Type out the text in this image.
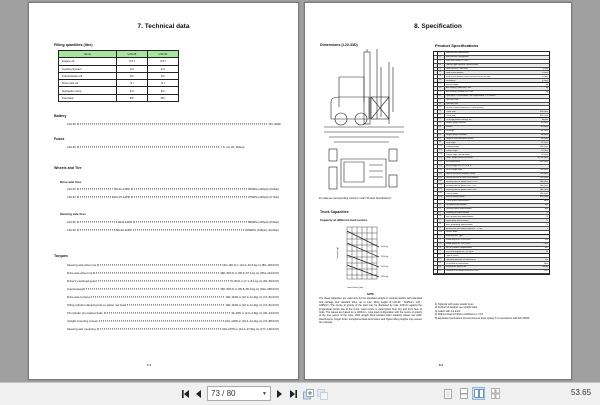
7. Technical data
Filling quantities (liter)
Items	L20-25	L30-33
Engine oil	6.5 l	6.5 l
Cooling System	11 l	11 l
Transmission oil	10 l	10 l
Drive axle oil	8 l	8 l
Hydraulic sump	41 l	41 l
Fuel tank	45 l	50 l
Battery
L20-33	12V, 80Ah
Fuses
L20-33	5, 7.5, 10, 20, 30Amp
Wheels and Tire
Drive axle tires
L20-25	7.00x12-14PR	900kPa (130psi) (9.0bar)
L30-33	28x9-15-14PR	970kPa (140psi) (9.7bar)
Steering axle tires
L20-25	6.00x9-10PR	860kPa (125psi) (8.6bar)
L30-33	6.50x10-12PR	1000kPa (145psi) (10.0bar)
Torques
Steering axle wheel nut	120~160 N.m (12.2~16.3 kg.m) (89~118 lbf·ft)
Drive axle wheel nut	480~560 N.m (48.9~57.1 kg.m) (354~413 lbf·ft)
Driver's overhead guard	70~80 N.m (7.1~8.1 kg.m) (52~59 lbf·ft)
Counterweight	450~500 N.m (45.8~50.9 kg.m) (332~368 lbf·ft)
Drive axle to frame	100~110N.m (10.2~11.2kg.m) (74~81 lbf·ft)
Tilting cylinder clamping bolt on piston rod head	100~110N.m (10.2~11.2kg.m) (74~81 lbf·ft)
Tilt cylinder pin retainer bolts	40~45N.m (4.0~4.6kg.m) (30~33 lbf·ft)
Upright mounting screws	100~120N.m (10.2~12.2kg.m) (74~88 lbf·ft)
Steering axle mounting	240~270N.m (24.4~27.5kg.m) (177~199 lbf·ft)
7.1
8. Specification
Dimensions (L20-33D)	Product Specifications
For data see corresponding number in chart "Product Specifications"
Truck Capacities
Capacity at different load centres
3000 kg
2500 kg
2000 kg
1800 kg
Capacity (kg)
Load Centre (mm)
NOTE
The listed capacities are valid only for the standard upright in vertical position with standard fork carriage and standard forks, up to max. lifting height of L20-30 : 3195mm, L33 : 3195mm. The centre of gravity of the load may be displaced by max. 100mm against the longitudinal centre line of the truck. Load centre is determined from top and front face of forks. The values are based on a 1000mm, cube load configuration with the centre of gravity at the true centre of the cube. With upright tilted forward lower capacity values are valid. Attachments, longer forks, exceptional load dimensions and higher lifting heights may reduce the capacity.
1.1	Manufacturer (abbreviation)
1.2	Manufacturer's designation
1.3	Drive unit (Diesel, LP Gas)
1.4	Operator type stand-on / driver seated
1.5	Load capacity / rated load	Q (kg)
1.6	Load centre distance	c (mm)
1.8	Load centre distance, centre of drive axle to fork face	x (mm)
1.9	Wheelbase	y (mm)
2.1	Service weight	kg
2.2	Axle loading, laden front / rear	kg
2.3	Axle loading, unladen front / rear	kg
3.1	Tyres tyres, P = pneumatic, SE = superelastic, C = cushion
3.2	Tyre size, front
3.3	Tyre size, rear
3.5	Wheels, number front/rear (x = drive wheels)
3.6	Tread, front	b10 (mm)
3.7	Tread, rear	b11 (mm)
4.1	Tilt of upright/fork carriage, α/β	degree
4.2	Height, upright lowered	h1 (mm)
4.3	Freelift	h2 (mm)
4.4	Lift height	h3 (mm)
4.5	Height, upright extended	h4 (mm)
4.7	Height of overhead guard (cabin)	h6 (mm)
4.8	Seat height	h7 (mm)
4.12	Coupling height	h10 (mm)
4.19	Overall length	l1 (mm)
4.20	Overall length (Except forks)	l2 (mm)
4.21	Width, Single wheel/Dual wheel	b1, b2 (mm)
4.22	Fork dimensions	s/e/l (mm)
4.23	Fork carriage DIN 15173, A, B
4.24	Fork carriage width	b3 (mm)
4.31	Ground clearance minimum, below	m1 (mm)
4.32	Ground clearance centre of wheelbase	m2 (mm)
4.33	Stacking aisle for pallets 1000 x 1200	Ast (mm)
4.34	Stacking aisle for pallets 800 x 1200	Ast (mm)
4.34	Stacking aisle for pallets 1000 x 800	Ast (mm)
4.35	Turning radius	Wa (mm)
4.36	Internal turning radius	b13 (mm)
5.1	Travel speed laden/unladen	km/h
5.2	Lift speed laden/unladen	m/s
5.3	Lowering speed laden/unladen	m/s
5.5	Drawbar pull laden/unladen	N
5.6	Max. drawbar pull laden/unladen	N
5.7	Gradeability laden/unladen	%
5.8	Max. gradeability laden/unladen	%
5.9	Acceleration time laden/unladen (0 ~ 15 m)	s
5.10	Service brake
7.1	Manufacturer / Type
7.2	Rated output acc. DIN 70020	kW
7.3	Rated speed acc. DIN 70020	r.p.m
7.4	No. of cylinders / displacement	cm³
7.5	Fuel consumption acc. VDI cycle	l/h
8.1	Type of control
8.2	Operating pressure for attachments	bar
8.3	Oil volume for attachments	l/min
8.4	Sound level, driver's ear	dB (A)
8.5	Vibration in accordance with EN 13059	m/s²
1) Optional with super-elastic tyres
2) Further lift heights see upright table
3) Laden with 1,0 km/h
4) Without load at friction coefficient μ = 0,6
5) Equivalent permanent sound pressure level LpAeq,T in accordance with EN 12053
8.1
73 / 80	▼	53.65
